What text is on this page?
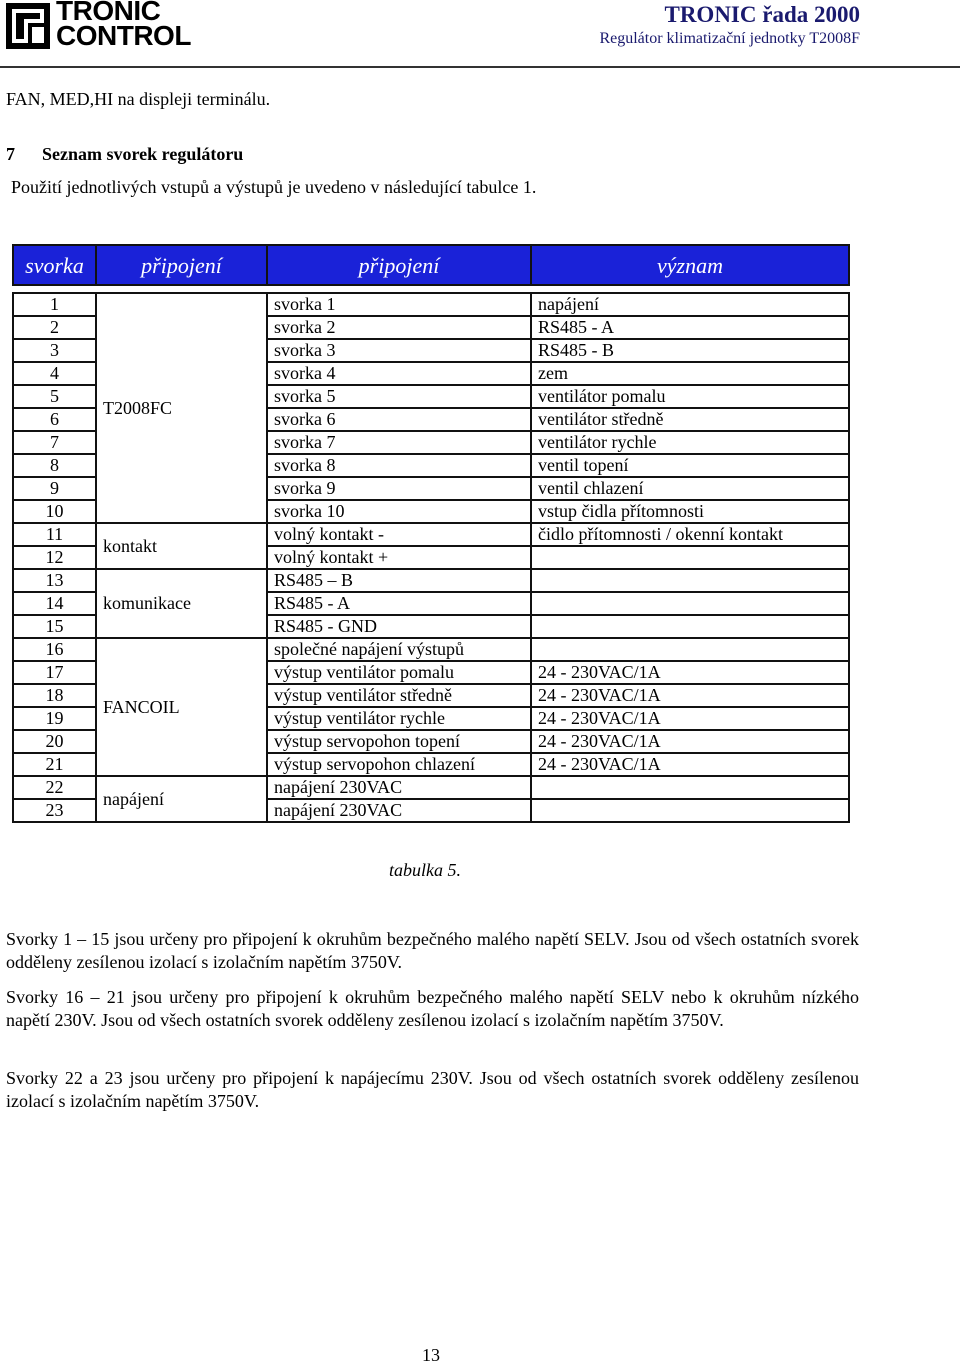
TRONIC
CONTROL
TRONIC řada 2000
Regulátor klimatizační jednotky T2008F
FAN, MED,HI na displeji terminálu.
7 Seznam svorek regulátoru
Použití jednotlivých vstupů a výstupů je uvedeno v následující tabulce 1.
svorka	připojení	připojení	význam

1	T2008FC	svorka 1	napájení
2		svorka 2	RS485 - A
3		svorka 3	RS485 - B
4		svorka 4	zem
5		svorka 5	ventilátor pomalu
6		svorka 6	ventilátor středně
7		svorka 7	ventilátor rychle
8		svorka 8	ventil topení
9		svorka 9	ventil chlazení
10		svorka 10	vstup čidla přítomnosti
11	kontakt	volný kontakt -	čidlo přítomnosti / okenní kontakt
12		volný kontakt +	
13	komunikace	RS485 – B	
14		RS485 - A	
15		RS485 - GND	
16	FANCOIL	společné napájení výstupů	
17		výstup ventilátor pomalu	24 - 230VAC/1A
18		výstup ventilátor středně	24 - 230VAC/1A
19		výstup ventilátor rychle	24 - 230VAC/1A
20		výstup servopohon topení	24 - 230VAC/1A
21		výstup servopohon chlazení	24 - 230VAC/1A
22	napájení	napájení 230VAC	
23		napájení 230VAC	
tabulka 5.
Svorky 1 – 15 jsou určeny pro připojení k okruhům bezpečného malého napětí SELV. Jsou od všech ostatních svorek odděleny zesílenou izolací s izolačním napětím 3750V.
Svorky 16 – 21 jsou určeny pro připojení k okruhům bezpečného malého napětí SELV nebo k okruhům nízkého napětí 230V. Jsou od všech ostatních svorek odděleny zesílenou izolací s izolačním napětím 3750V.
Svorky 22 a 23 jsou určeny pro připojení k napájecímu 230V. Jsou od všech ostatních svorek odděleny zesílenou izolací s izolačním napětím 3750V.
13
